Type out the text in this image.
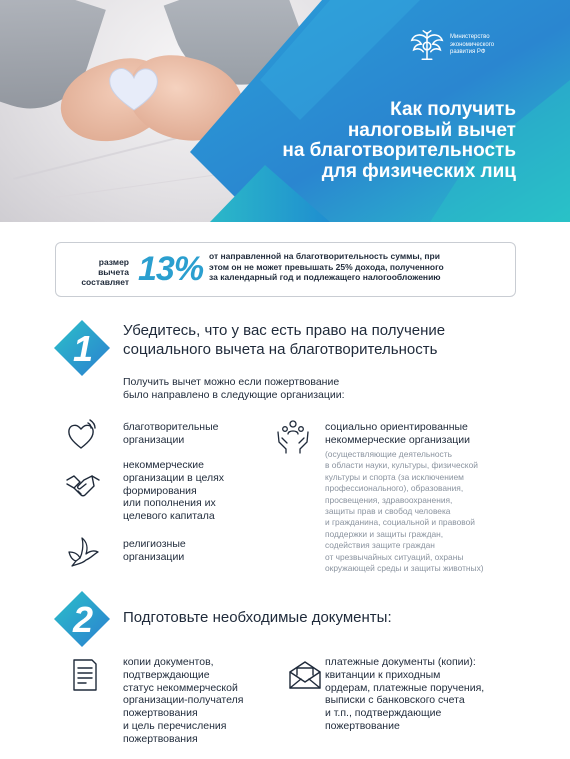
Министерство
экономического
развития РФ
Как получить
налоговый вычет
на благотворительность
для физических лиц
размер
вычета
составляет 13% от направленной на благотворительность суммы, при
этом он не может превышать 25% дохода, полученного
за календарный год и подлежащего налогообложению
1 Убедитесь, что у вас есть право на получение
социального вычета на благотворительность
Получить вычет можно если пожертвование
было направлено в следующие организации:
благотворительные
организации
некоммерческие
организации в целях
формирования
или пополнения их
целевого капитала
религиозные
организации
социально ориентированные
некоммерческие организации
(осуществляющие деятельность
в области науки, культуры, физической
культуры и спорта (за исключением
профессионального), образования,
просвещения, здравоохранения,
защиты прав и свобод человека
и гражданина, социальной и правовой
поддержки и защиты граждан,
содействия защите граждан
от чрезвычайных ситуаций, охраны
окружающей среды и защиты животных)
2 Подготовьте необходимые документы:
копии документов,
подтверждающие
статус некоммерческой
организации-получателя
пожертвования
и цель перечисления
пожертвования
платежные документы (копии):
квитанции к приходным
ордерам, платежные поручения,
выписки с банковского счета
и т.п., подтверждающие
пожертвование
